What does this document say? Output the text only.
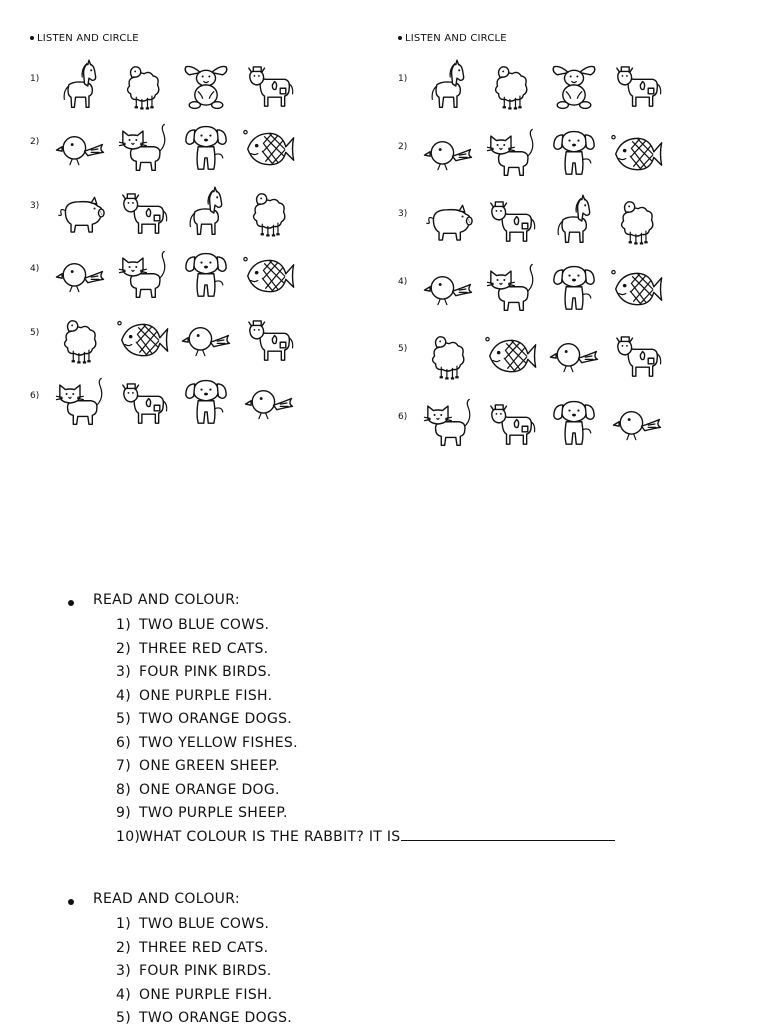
LISTEN AND CIRCLE
1)
2)
3)
4)
5)
6)
LISTEN AND CIRCLE
1)
2)
3)
4)
5)
6)
READ AND COLOUR:
1) TWO BLUE COWS.
2) THREE RED CATS.
3) FOUR PINK BIRDS.
4) ONE PURPLE FISH.
5) TWO ORANGE DOGS.
6) TWO YELLOW FISHES.
7) ONE GREEN SHEEP.
8) ONE ORANGE DOG.
9) TWO PURPLE SHEEP.
10)WHAT COLOUR IS THE RABBIT? IT IS
READ AND COLOUR:
1) TWO BLUE COWS.
2) THREE RED CATS.
3) FOUR PINK BIRDS.
4) ONE PURPLE FISH.
5) TWO ORANGE DOGS.
